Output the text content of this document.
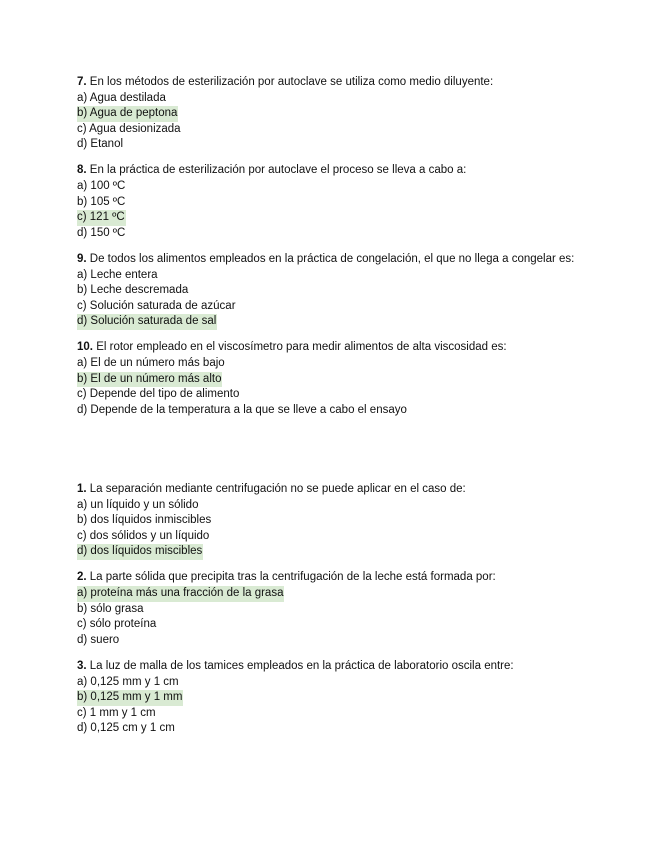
7. En los métodos de esterilización por autoclave se utiliza como medio diluyente:

a) Agua destilada

b) Agua de peptona

c) Agua desionizada

d) Etanol

8. En la práctica de esterilización por autoclave el proceso se lleva a cabo a:

a) 100 ºC

b) 105 ºC

c) 121 ºC

d) 150 ºC

9. De todos los alimentos empleados en la práctica de congelación, el que no llega a congelar es:

a) Leche entera

b) Leche descremada

c) Solución saturada de azúcar

d) Solución saturada de sal

10. El rotor empleado en el viscosímetro para medir alimentos de alta viscosidad es:

a) El de un número más bajo

b) El de un número más alto

c) Depende del tipo de alimento

d) Depende de la temperatura a la que se lleve a cabo el ensayo

1. La separación mediante centrifugación no se puede aplicar en el caso de:

a) un líquido y un sólido

b) dos líquidos inmiscibles

c) dos sólidos y un líquido

d) dos líquidos miscibles

2. La parte sólida que precipita tras la centrifugación de la leche está formada por:

a) proteína más una fracción de la grasa

b) sólo grasa

c) sólo proteína

d) suero

3. La luz de malla de los tamices empleados en la práctica de laboratorio oscila entre:

a) 0,125 mm y 1 cm

b) 0,125 mm y 1 mm

c) 1 mm y 1 cm

d) 0,125 cm y 1 cm
